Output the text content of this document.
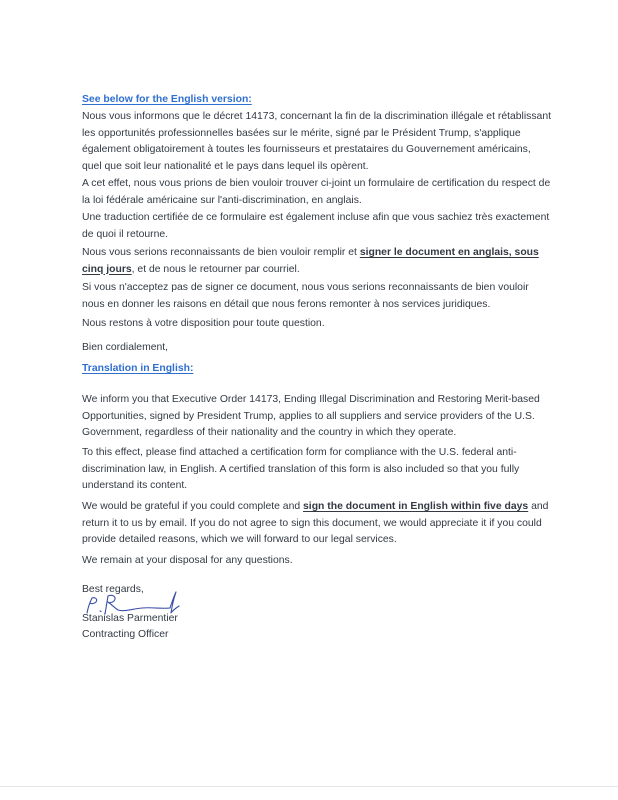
See below for the English version:
Nous vous informons que le décret 14173, concernant la fin de la discrimination illégale et rétablissant les opportunités professionnelles basées sur le mérite, signé par le Président Trump, s'applique également obligatoirement à toutes les fournisseurs et prestataires du Gouvernement américains, quel que soit leur nationalité et le pays dans lequel ils opèrent.
A cet effet, nous vous prions de bien vouloir trouver ci-joint un formulaire de certification du respect de la loi fédérale américaine sur l'anti-discrimination, en anglais.
Une traduction certifiée de ce formulaire est également incluse afin que vous sachiez très exactement de quoi il retourne.
Nous vous serions reconnaissants de bien vouloir remplir et signer le document en anglais, sous cinq jours, et de nous le retourner par courriel.
Si vous n'acceptez pas de signer ce document, nous vous serions reconnaissants de bien vouloir nous en donner les raisons en détail que nous ferons remonter à nos services juridiques.
Nous restons à votre disposition pour toute question.
Bien cordialement,
Translation in English:
We inform you that Executive Order 14173, Ending Illegal Discrimination and Restoring Merit-based Opportunities, signed by President Trump, applies to all suppliers and service providers of the U.S. Government, regardless of their nationality and the country in which they operate.
To this effect, please find attached a certification form for compliance with the U.S. federal anti-discrimination law, in English. A certified translation of this form is also included so that you fully understand its content.
We would be grateful if you could complete and sign the document in English within five days and return it to us by email. If you do not agree to sign this document, we would appreciate it if you could provide detailed reasons, which we will forward to our legal services.
We remain at your disposal for any questions.
Best regards,
Stanislas Parmentier
Contracting Officer
